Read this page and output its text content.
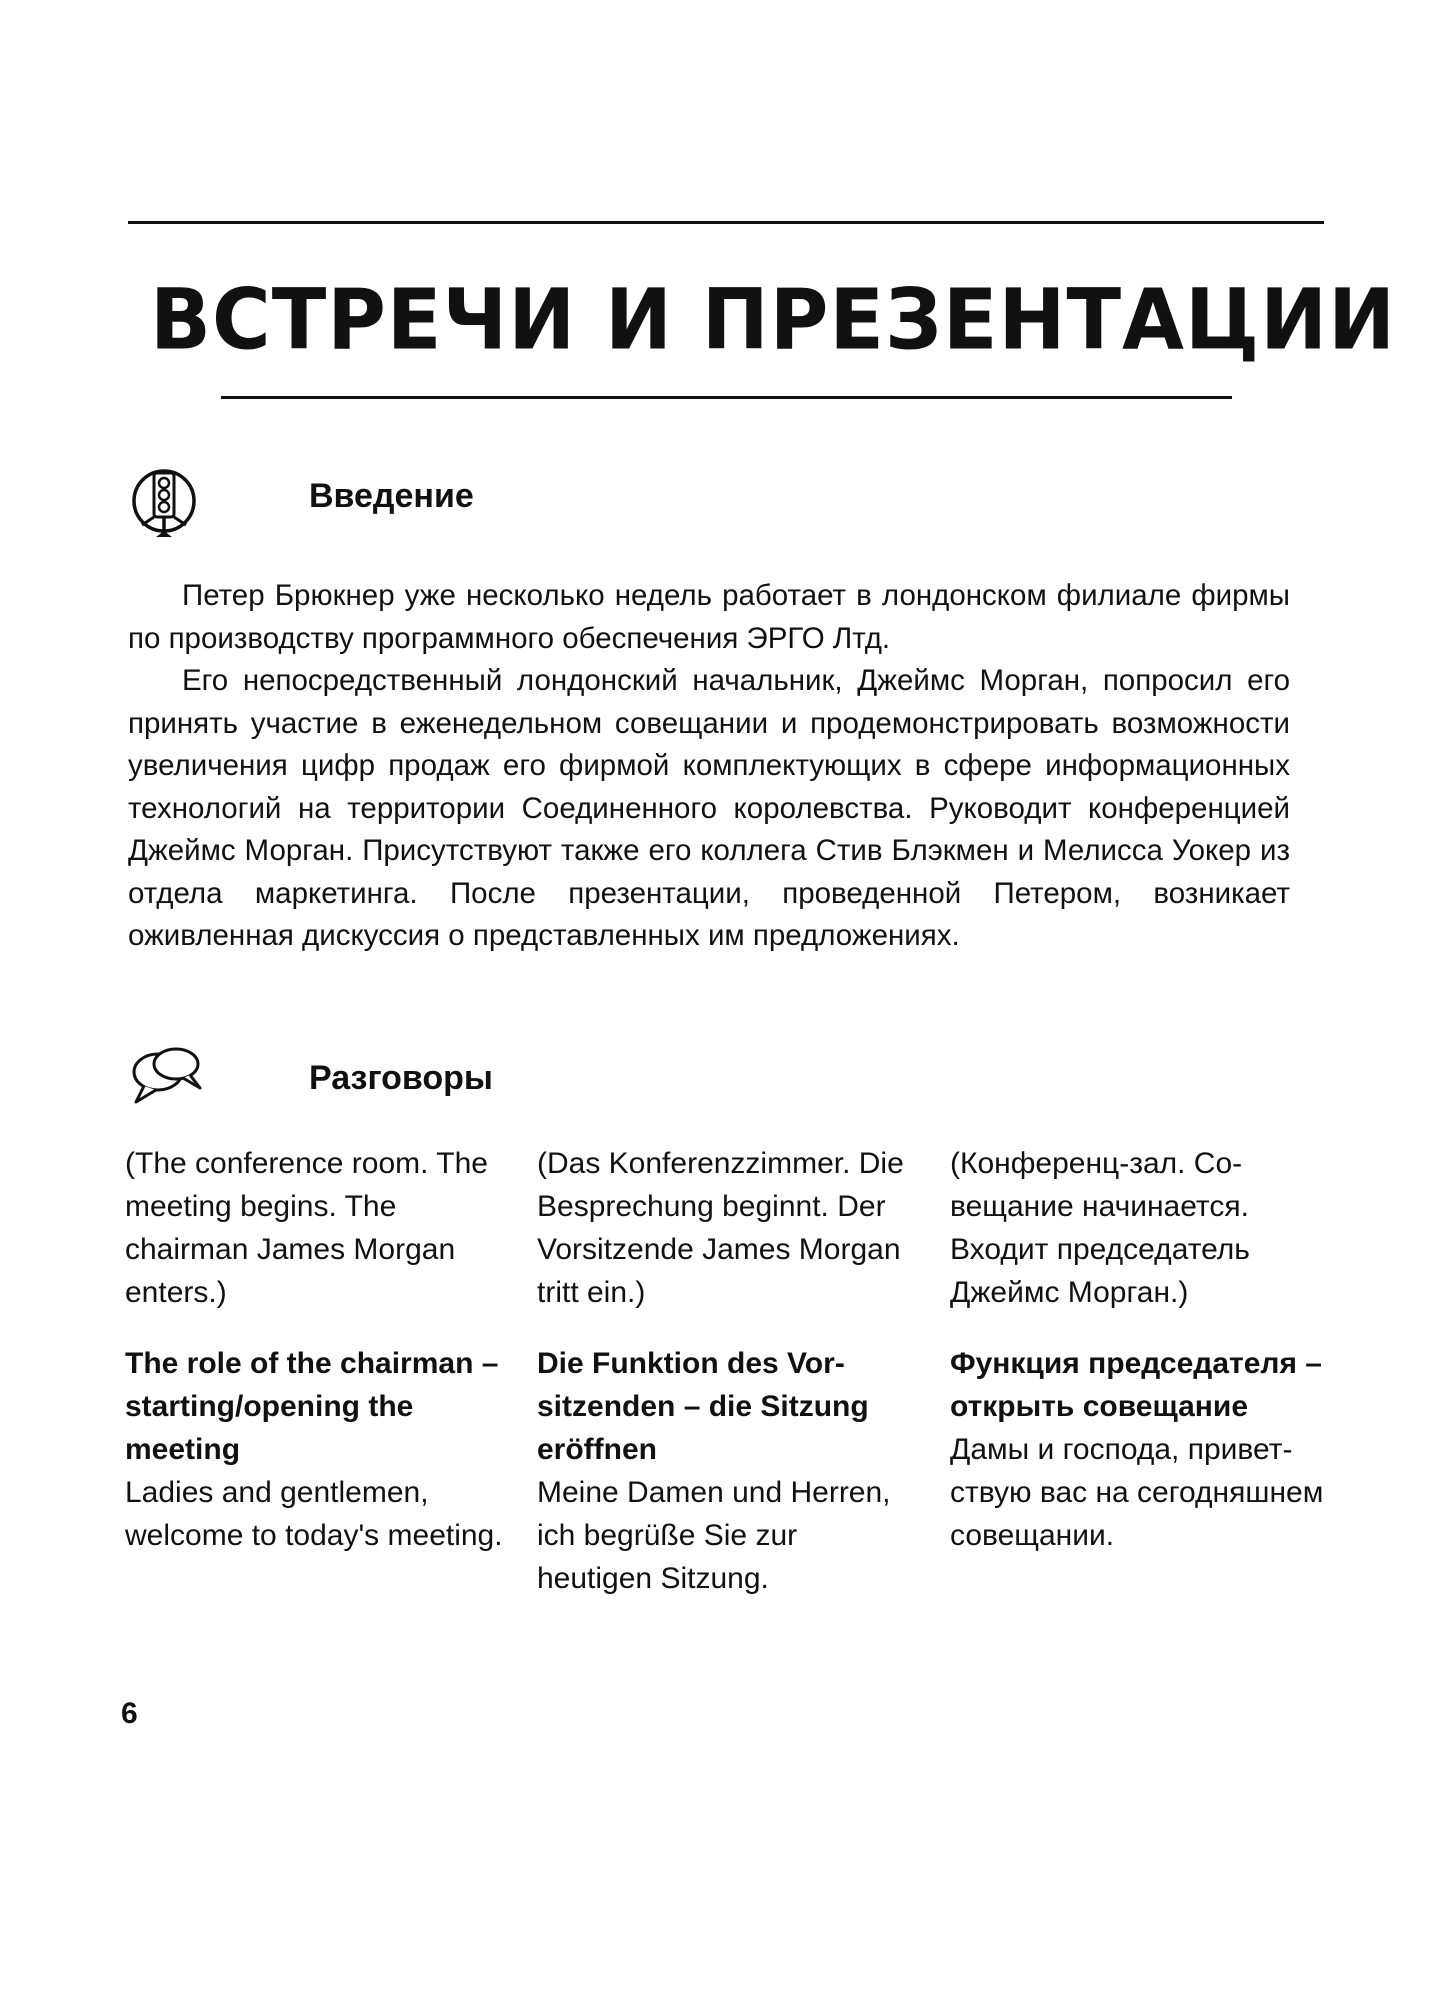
ВСТРЕЧИ И ПРЕЗЕНТАЦИИ
Введение

Петер Брюкнер уже несколько недель работает в лондонском филиале фирмы по производству программного обеспечения ЭРГО Лтд.

Его непосредственный лондонский начальник, Джеймс Морган, попросил его принять участие в еженедельном совещании и продемонстрировать возможности увеличения цифр продаж его фирмой комплектующих в сфере информационных технологий на территории Соединенного королевства. Руководит конференцией Джеймс Морган. Присутствуют также его коллега Стив Блэкмен и Мелисса Уокер из отдела маркетинга. После презентации, проведенной Петером, возникает оживленная дискуссия о представленных им предложениях.

Разговоры

(The conference room. The meeting begins. The chairman James Morgan enters.)

The role of the chairman – starting/opening the meeting

Ladies and gentlemen, welcome to today's meeting.

(Das Konferenzzimmer. Die Besprechung beginnt. Der Vorsitzende James Morgan tritt ein.)

Die Funktion des Vorsitzenden – die Sitzung eröffnen

Meine Damen und Herren, ich begrüße Sie zur heutigen Sitzung.

(Конференц-зал. Совещание начинается. Входит председатель Джеймс Морган.)

Функция председателя – открыть совещание

Дамы и господа, приветствую вас на сегодняшнем совещании.

6
